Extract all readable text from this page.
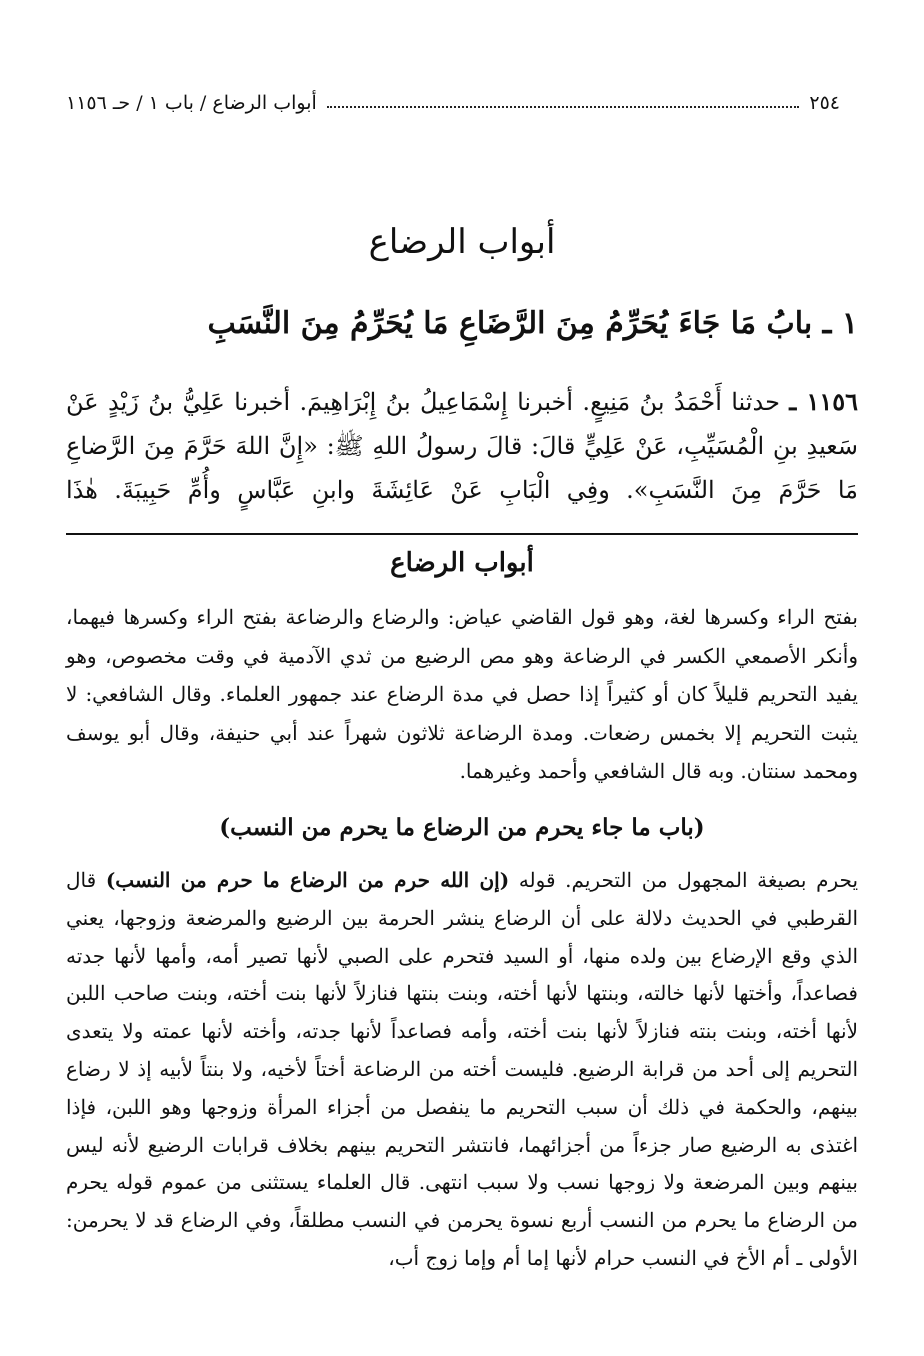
٢٥٤
أبواب الرضاع / باب ١ / حـ ١١٥٦
أبواب الرضاع
١ ـ بابُ مَا جَاءَ يُحَرِّمُ مِنَ الرَّضَاعِ مَا يُحَرِّمُ مِنَ النَّسَبِ

١١٥٦ ـ حدثنا أَحْمَدُ بنُ مَنِيعٍ. أخبرنا إِسْمَاعِيلُ بنُ إِبْرَاهِيمَ. أخبرنا عَلِيُّ بنُ زَيْدٍ عَنْ سَعيدِ بنِ الْمُسَيِّبِ، عَنْ عَلِيٍّ قالَ: قالَ رسولُ اللهِ ﷺ: «إِنَّ اللهَ حَرَّمَ مِنَ الرَّضاعِ مَا حَرَّمَ مِنَ النَّسَبِ». وفِي الْبَابِ عَنْ عَائِشَةَ وابنِ عَبَّاسٍ وأُمِّ حَبِيبَةَ. هٰذَا

أبواب الرضاع

بفتح الراء وكسرها لغة، وهو قول القاضي عياض: والرضاع والرضاعة بفتح الراء وكسرها فيهما، وأنكر الأصمعي الكسر في الرضاعة وهو مص الرضيع من ثدي الآدمية في وقت مخصوص، وهو يفيد التحريم قليلاً كان أو كثيراً إذا حصل في مدة الرضاع عند جمهور العلماء. وقال الشافعي: لا يثبت التحريم إلا بخمس رضعات. ومدة الرضاعة ثلاثون شهراً عند أبي حنيفة، وقال أبو يوسف ومحمد سنتان. وبه قال الشافعي وأحمد وغيرهما.

(باب ما جاء يحرم من الرضاع ما يحرم من النسب)

يحرم بصيغة المجهول من التحريم. قوله (إن الله حرم من الرضاع ما حرم من النسب) قال القرطبي في الحديث دلالة على أن الرضاع ينشر الحرمة بين الرضيع والمرضعة وزوجها، يعني الذي وقع الإرضاع بين ولده منها، أو السيد فتحرم على الصبي لأنها تصير أمه، وأمها لأنها جدته فصاعداً، وأختها لأنها خالته، وبنتها لأنها أخته، وبنت بنتها فنازلاً لأنها بنت أخته، وبنت صاحب اللبن لأنها أخته، وبنت بنته فنازلاً لأنها بنت أخته، وأمه فصاعداً لأنها جدته، وأخته لأنها عمته ولا يتعدى التحريم إلى أحد من قرابة الرضيع. فليست أخته من الرضاعة أختاً لأخيه، ولا بنتاً لأبيه إذ لا رضاع بينهم، والحكمة في ذلك أن سبب التحريم ما ينفصل من أجزاء المرأة وزوجها وهو اللبن، فإذا اغتذى به الرضيع صار جزءاً من أجزائهما، فانتشر التحريم بينهم بخلاف قرابات الرضيع لأنه ليس بينهم وبين المرضعة ولا زوجها نسب ولا سبب انتهى. قال العلماء يستثنى من عموم قوله يحرم من الرضاع ما يحرم من النسب أربع نسوة يحرمن في النسب مطلقاً، وفي الرضاع قد لا يحرمن: الأولى ـ أم الأخ في النسب حرام لأنها إما أم وإما زوج أب،
